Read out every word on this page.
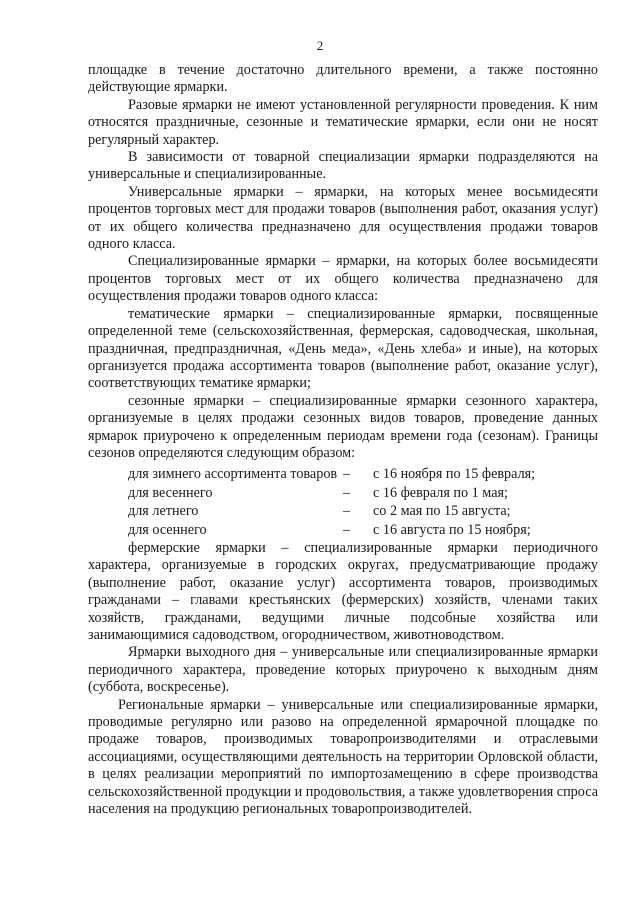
2

площадке в течение достаточно длительного времени, а также постоянно действующие ярмарки.

Разовые ярмарки не имеют установленной регулярности проведения. К ним относятся праздничные, сезонные и тематические ярмарки, если они не носят регулярный характер.

В зависимости от товарной специализации ярмарки подразделяются на универсальные и специализированные.

Универсальные ярмарки – ярмарки, на которых менее восьмидесяти процентов торговых мест для продажи товаров (выполнения работ, оказания услуг) от их общего количества предназначено для осуществления продажи товаров одного класса.

Специализированные ярмарки – ярмарки, на которых более восьмидесяти процентов торговых мест от их общего количества предназначено для осуществления продажи товаров одного класса:

тематические ярмарки – специализированные ярмарки, посвященные определенной теме (сельскохозяйственная, фермерская, садоводческая, школьная, праздничная, предпраздничная, «День меда», «День хлеба» и иные), на которых организуется продажа ассортимента товаров (выполнение работ, оказание услуг), соответствующих тематике ярмарки;

сезонные ярмарки – специализированные ярмарки сезонного характера, организуемые в целях продажи сезонных видов товаров, проведение данных ярмарок приурочено к определенным периодам времени года (сезонам). Границы сезонов определяются следующим образом:

для зимнего ассортимента товаров –	с 16 ноября по 15 февраля;
для весеннего	–	с 16 февраля по 1 мая;
для летнего	–	со 2 мая по 15 августа;
для осеннего	–	с 16 августа по 15 ноября;

фермерские ярмарки – специализированные ярмарки периодичного характера, организуемые в городских округах, предусматривающие продажу (выполнение работ, оказание услуг) ассортимента товаров, производимых гражданами – главами крестьянских (фермерских) хозяйств, членами таких хозяйств, гражданами, ведущими личные подсобные хозяйства или занимающимися садоводством, огородничеством, животноводством.

Ярмарки выходного дня – универсальные или специализированные ярмарки периодичного характера, проведение которых приурочено к выходным дням (суббота, воскресенье).

Региональные ярмарки – универсальные или специализированные ярмарки, проводимые регулярно или разово на определенной ярмарочной площадке по продаже товаров, производимых товаропроизводителями и отраслевыми ассоциациями, осуществляющими деятельность на территории Орловской области, в целях реализации мероприятий по импортозамещению в сфере производства сельскохозяйственной продукции и продовольствия, а также удовлетворения спроса населения на продукцию региональных товаропроизводителей.
